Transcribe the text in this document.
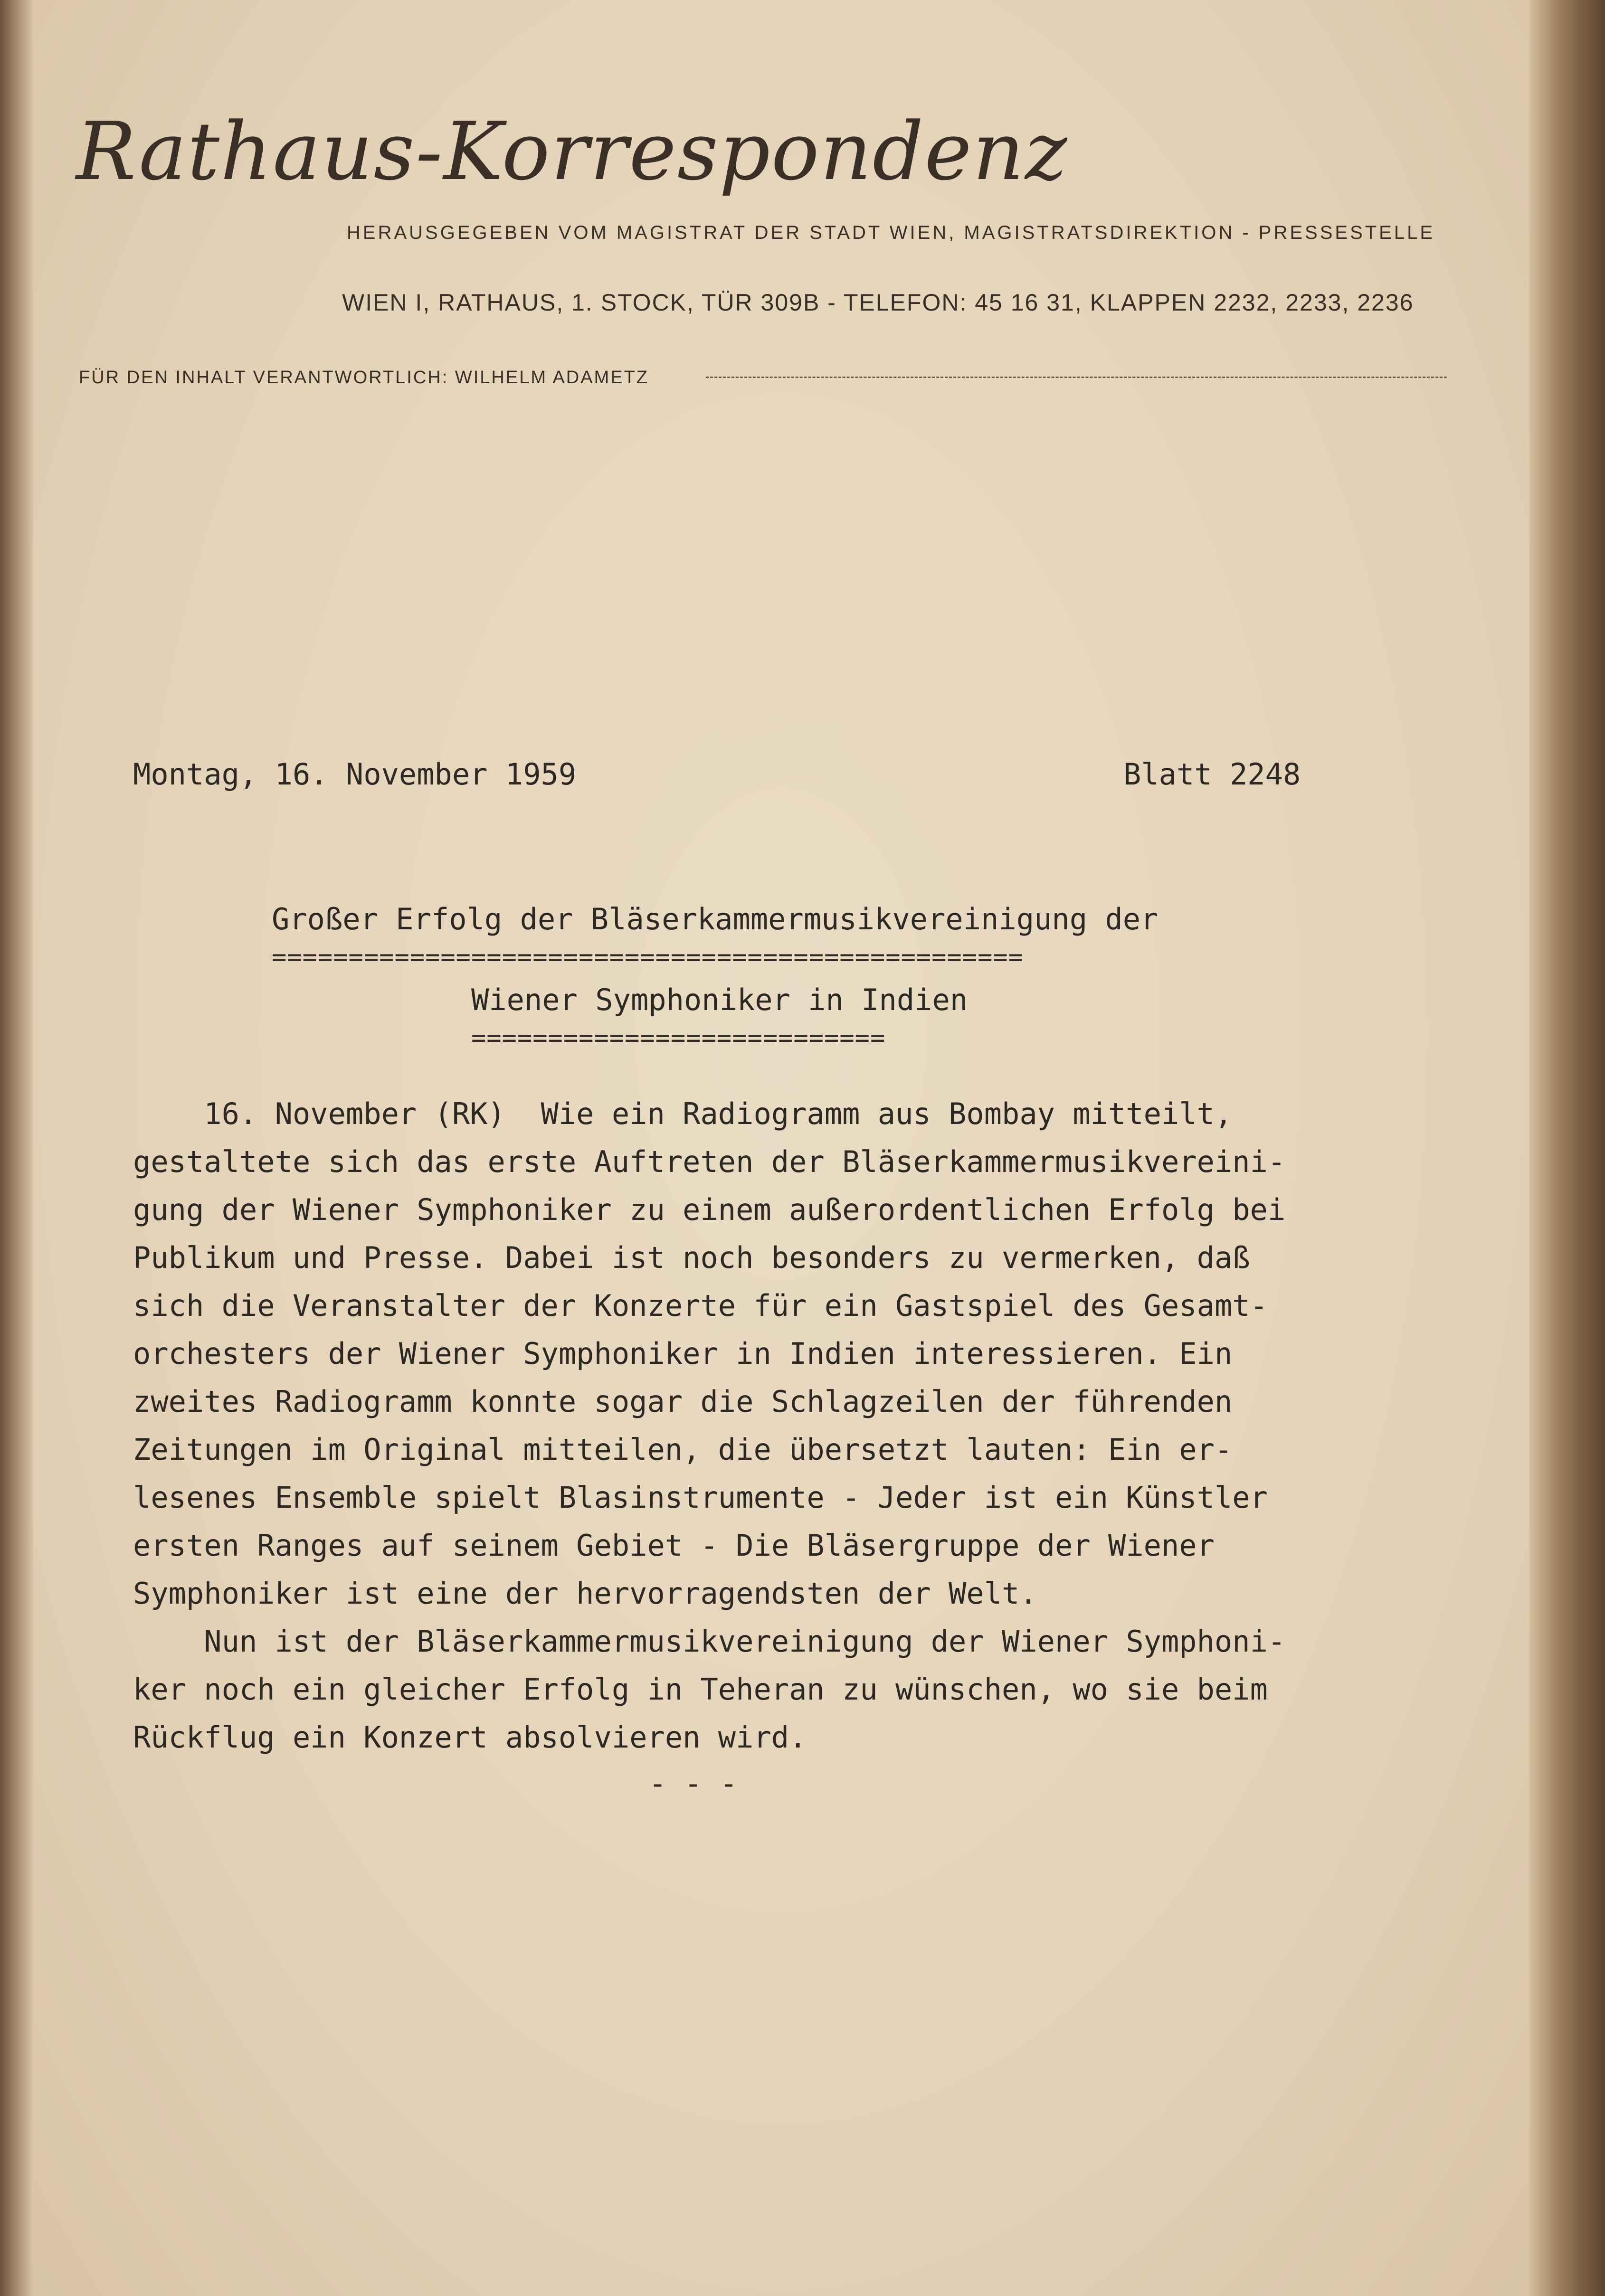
Rathaus-Korrespondenz
HERAUSGEGEBEN VOM MAGISTRAT DER STADT WIEN, MAGISTRATSDIREKTION - PRESSESTELLE
WIEN I, RATHAUS, 1. STOCK, TÜR 309B - TELEFON: 45 16 31, KLAPPEN 2232, 2233, 2236
FÜR DEN INHALT VERANTWORTLICH: WILHELM ADAMETZ
Montag, 16. November 1959	Blatt 2248
Großer Erfolg der Bläserkammermusikvereinigung der
=================================================
Wiener Symphoniker in Indien
===========================
16. November (RK)  Wie ein Radiogramm aus Bombay mitteilt,
gestaltete sich das erste Auftreten der Bläserkammermusikvereini-
gung der Wiener Symphoniker zu einem außerordentlichen Erfolg bei
Publikum und Presse. Dabei ist noch besonders zu vermerken, daß
sich die Veranstalter der Konzerte für ein Gastspiel des Gesamt-
orchesters der Wiener Symphoniker in Indien interessieren. Ein
zweites Radiogramm konnte sogar die Schlagzeilen der führenden
Zeitungen im Original mitteilen, die übersetzt lauten: Ein er-
lesenes Ensemble spielt Blasinstrumente - Jeder ist ein Künstler
ersten Ranges auf seinem Gebiet - Die Bläsergruppe der Wiener
Symphoniker ist eine der hervorragendsten der Welt.
Nun ist der Bläserkammermusikvereinigung der Wiener Symphoni-
ker noch ein gleicher Erfolg in Teheran zu wünschen, wo sie beim
Rückflug ein Konzert absolvieren wird.
- - -
